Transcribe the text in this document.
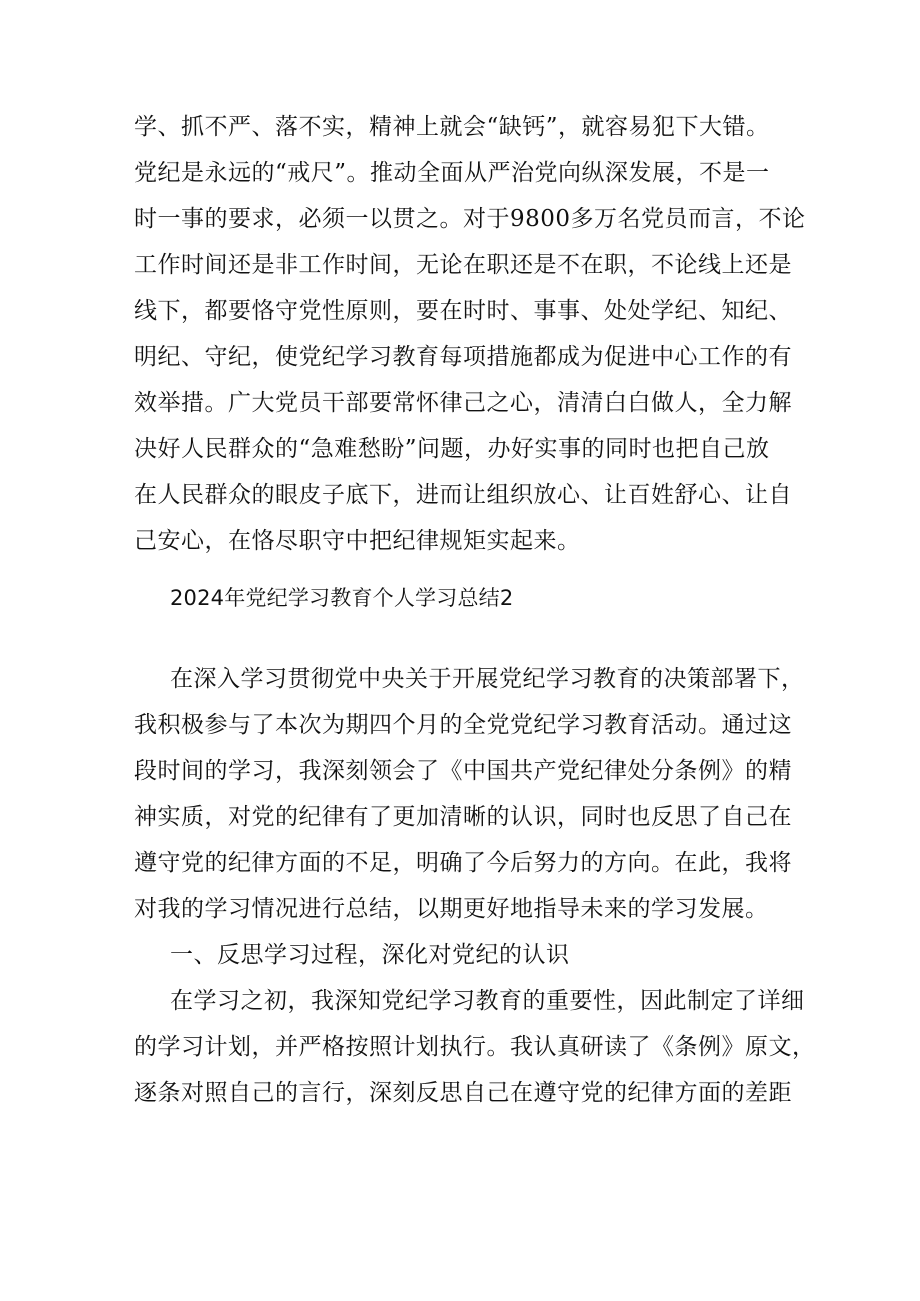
学、抓不严、落不实，精神上就会“缺钙”，就容易犯下大错。
党纪是永远的“戒尺”。推动全面从严治党向纵深发展，不是一
时一事的要求，必须一以贯之。对于9800多万名党员而言，不论
工作时间还是非工作时间，无论在职还是不在职，不论线上还是
线下，都要恪守党性原则，要在时时、事事、处处学纪、知纪、
明纪、守纪，使党纪学习教育每项措施都成为促进中心工作的有
效举措。广大党员干部要常怀律己之心，清清白白做人，全力解
决好人民群众的“急难愁盼”问题，办好实事的同时也把自己放
在人民群众的眼皮子底下，进而让组织放心、让百姓舒心、让自
己安心，在恪尽职守中把纪律规矩实起来。
2024年党纪学习教育个人学习总结2
在深入学习贯彻党中央关于开展党纪学习教育的决策部署下，
我积极参与了本次为期四个月的全党党纪学习教育活动。通过这
段时间的学习，我深刻领会了《中国共产党纪律处分条例》的精
神实质，对党的纪律有了更加清晰的认识，同时也反思了自己在
遵守党的纪律方面的不足，明确了今后努力的方向。在此，我将
对我的学习情况进行总结，以期更好地指导未来的学习发展。
一、反思学习过程，深化对党纪的认识
在学习之初，我深知党纪学习教育的重要性，因此制定了详细
的学习计划，并严格按照计划执行。我认真研读了《条例》原文，
逐条对照自己的言行，深刻反思自己在遵守党的纪律方面的差距
